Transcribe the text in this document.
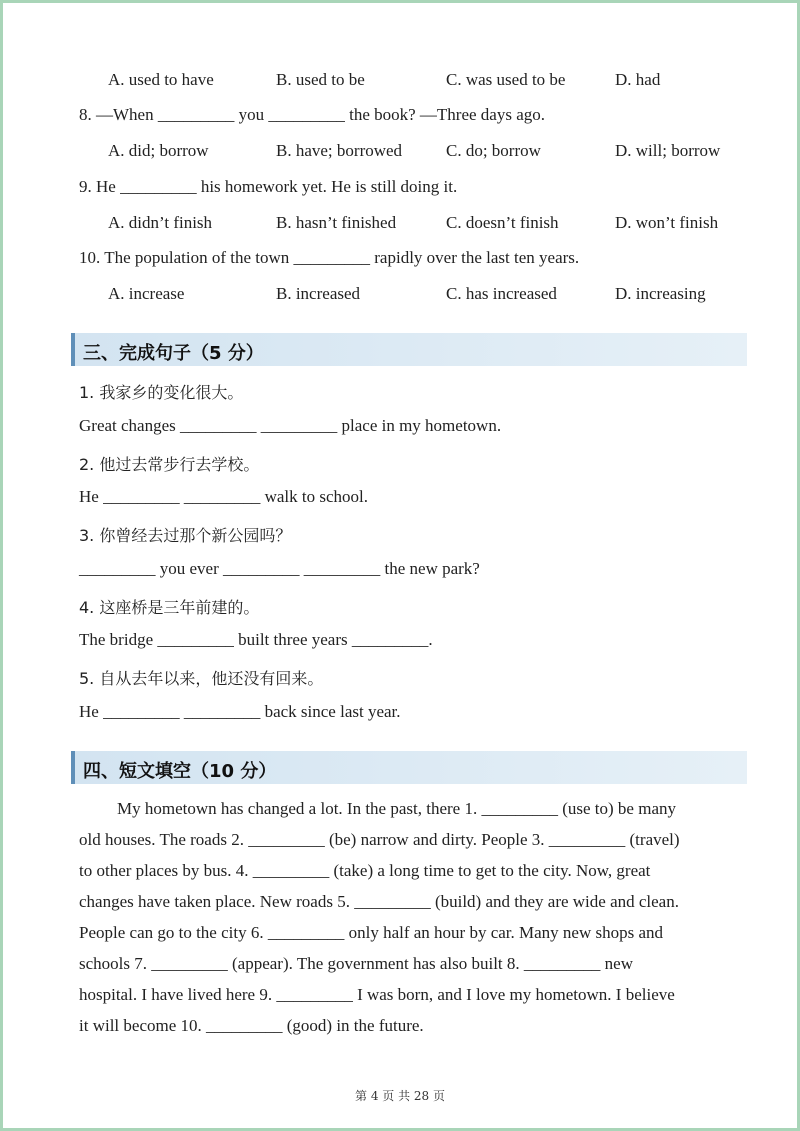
A. used to have	B. used to be	C. was used to be	D. had
8. —When _________ you _________ the book? —Three days ago.
A. did; borrow	B. have; borrowed	C. do; borrow	D. will; borrow
9. He _________ his homework yet. He is still doing it.
A. didn’t finish	B. hasn’t finished	C. doesn’t finish	D. won’t finish
10. The population of the town _________ rapidly over the last ten years.
A. increase	B. increased	C. has increased	D. increasing
三、完成句子（5 分）
1. 我家乡的变化很大。
Great changes _________ _________ place in my hometown.
2. 他过去常步行去学校。
He _________ _________ walk to school.
3. 你曾经去过那个新公园吗？
_________ you ever _________ _________ the new park?
4. 这座桥是三年前建的。
The bridge _________ built three years _________.
5. 自从去年以来，他还没有回来。
He _________ _________ back since last year.
四、短文填空（10 分）
My hometown has changed a lot. In the past, there 1. _________ (use to) be many
old houses. The roads 2. _________ (be) narrow and dirty. People 3. _________ (travel)
to other places by bus. 4. _________ (take) a long time to get to the city. Now, great
changes have taken place. New roads 5. _________ (build) and they are wide and clean.
People can go to the city 6. _________ only half an hour by car. Many new shops and
schools 7. _________ (appear). The government has also built 8. _________ new
hospital. I have lived here 9. _________ I was born, and I love my hometown. I believe
it will become 10. _________ (good) in the future.
第 4 页 共 28 页
